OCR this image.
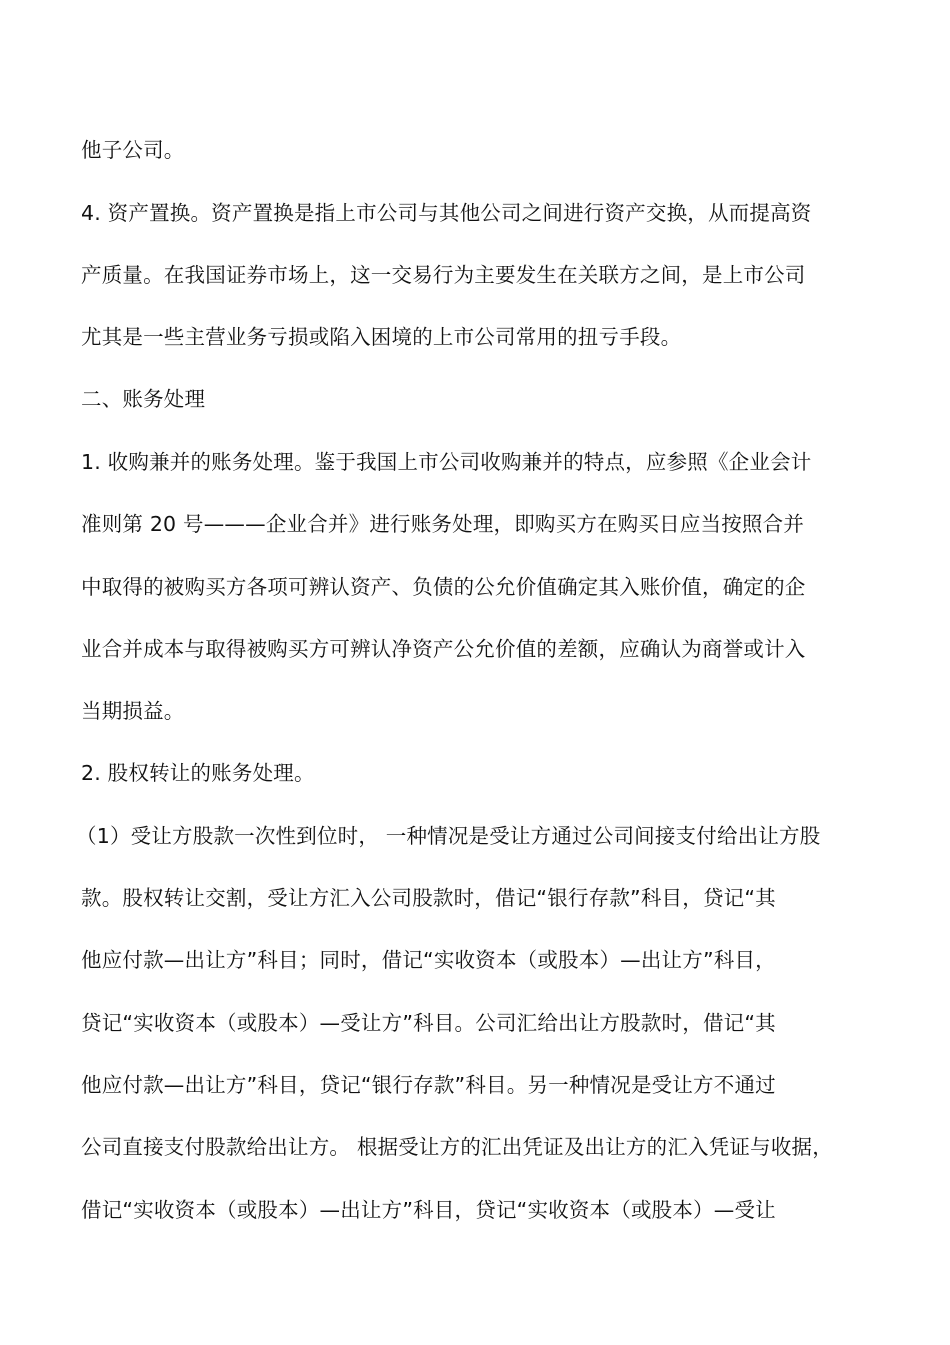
他子公司。
4. 资产置换。资产置换是指上市公司与其他公司之间进行资产交换，从而提高资
产质量。在我国证券市场上，这一交易行为主要发生在关联方之间，是上市公司
尤其是一些主营业务亏损或陷入困境的上市公司常用的扭亏手段。
二、账务处理
1. 收购兼并的账务处理。鉴于我国上市公司收购兼并的特点，应参照《企业会计
准则第 20 号———企业合并》进行账务处理，即购买方在购买日应当按照合并
中取得的被购买方各项可辨认资产、负债的公允价值确定其入账价值，确定的企
业合并成本与取得被购买方可辨认净资产公允价值的差额，应确认为商誉或计入
当期损益。
2. 股权转让的账务处理。
（1）受让方股款一次性到位时， 一种情况是受让方通过公司间接支付给出让方股
款。股权转让交割，受让方汇入公司股款时，借记“银行存款”科目，贷记“其
他应付款—出让方”科目；同时，借记“实收资本（或股本）—出让方”科目，
贷记“实收资本（或股本）—受让方”科目。公司汇给出让方股款时，借记“其
他应付款—出让方”科目，贷记“银行存款”科目。另一种情况是受让方不通过
公司直接支付股款给出让方。 根据受让方的汇出凭证及出让方的汇入凭证与收据，
借记“实收资本（或股本）—出让方”科目，贷记“实收资本（或股本）—受让
